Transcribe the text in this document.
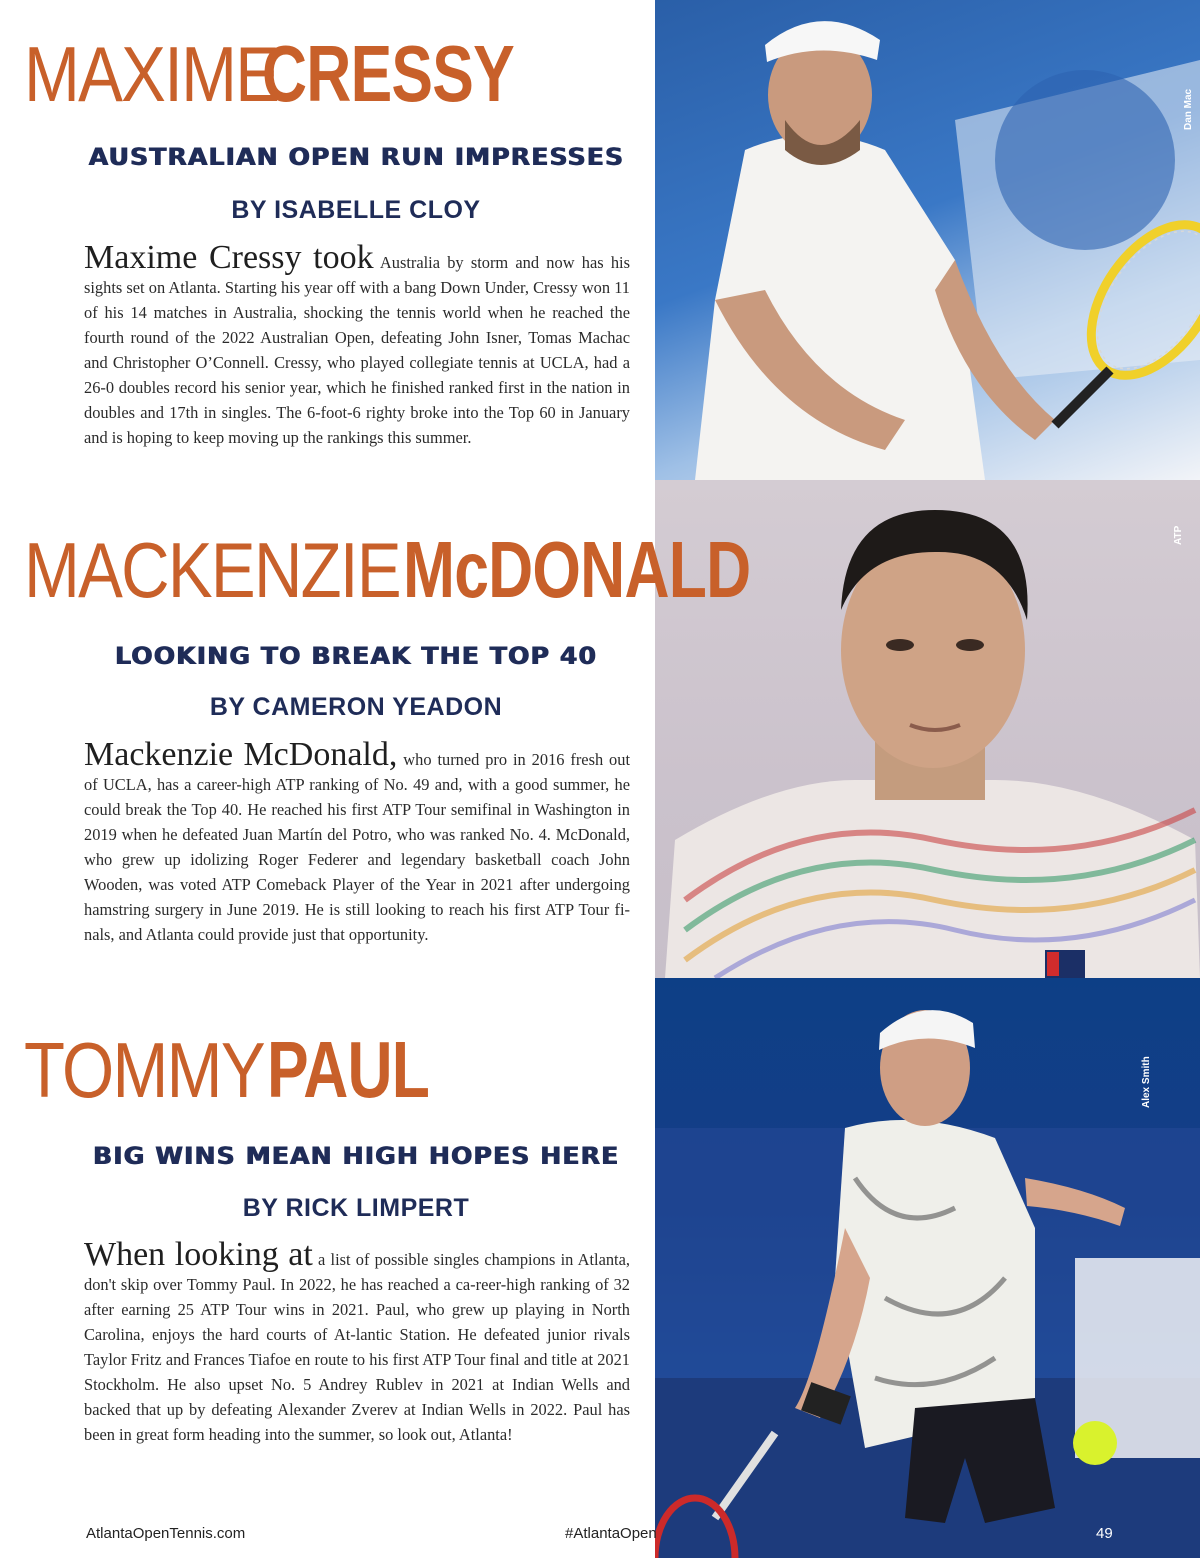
Dan Mac
ATP
Alex Smith
MAXIMECRESSY
AUSTRALIAN OPEN RUN IMPRESSES

BY ISABELLE CLOY

Maxime Cressy took Australia by storm and now has his sights set on Atlanta. Starting his year off with a bang Down Under, Cressy won 11 of his 14 matches in Australia, shocking the tennis world when he reached the fourth round of the 2022 Australian Open, defeating John Isner, Tomas Machac and Christopher O’Connell. Cressy, who played collegiate tennis at UCLA, had a 26-0 doubles record his senior year, which he finished ranked first in the nation in doubles and 17th in singles. The 6-foot-6 righty broke into the Top 60 in January and is hoping to keep moving up the rankings this summer.

MACKENZIEMcDONALD
LOOKING TO BREAK THE TOP 40

BY CAMERON YEADON

Mackenzie McDonald, who turned pro in 2016 fresh out of UCLA, has a career-high ATP ranking of No. 49 and, with a good summer, he could break the Top 40. He reached his first ATP Tour semifinal in Washington in 2019 when he defeated Juan Martín del Potro, who was ranked No. 4. McDonald, who grew up idolizing Roger Federer and legendary basketball coach John Wooden, was voted ATP Comeback Player of the Year in 2021 after undergoing hamstring surgery in June 2019. He is still looking to reach his first ATP Tour fi-nals, and Atlanta could provide just that opportunity.

TOMMYPAUL
BIG WINS MEAN HIGH HOPES HERE

BY RICK LIMPERT

When looking at a list of possible singles champions in Atlanta, don't skip over Tommy Paul. In 2022, he has reached a ca-reer-high ranking of 32 after earning 25 ATP Tour wins in 2021. Paul, who grew up playing in North Carolina, enjoys the hard courts of At-lantic Station. He defeated junior rivals Taylor Fritz and Frances Tiafoe en route to his first ATP Tour final and title at 2021 Stockholm. He also upset No. 5 Andrey Rublev in 2021 at Indian Wells and backed that up by defeating Alexander Zverev at Indian Wells in 2022. Paul has been in great form heading into the summer, so look out, Atlanta!

AtlantaOpenTennis.com	#AtlantaOpen	49
